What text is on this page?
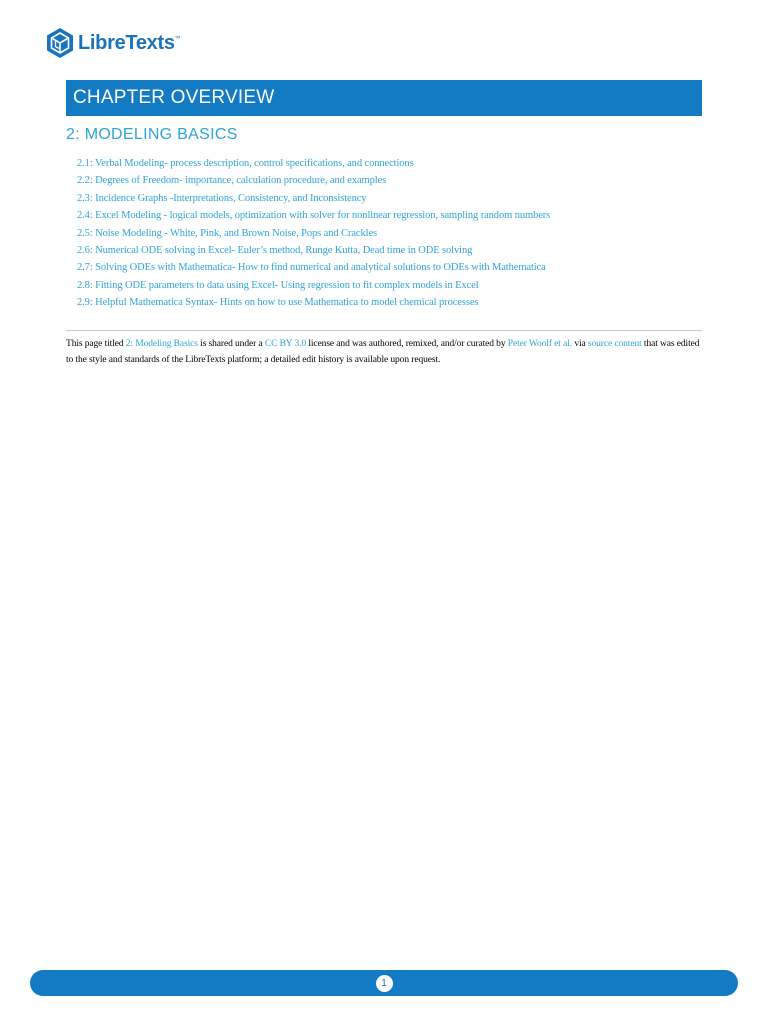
LibreTexts™
CHAPTER OVERVIEW
2: MODELING BASICS
2.1: Verbal Modeling- process description, control specifications, and connections
2.2: Degrees of Freedom- importance, calculation procedure, and examples
2.3: Incidence Graphs -Interpretations, Consistency, and Inconsistency
2.4: Excel Modeling - logical models, optimization with solver for nonlinear regression, sampling random numbers
2.5: Noise Modeling - White, Pink, and Brown Noise, Pops and Crackles
2.6: Numerical ODE solving in Excel- Euler’s method, Runge Kutta, Dead time in ODE solving
2.7: Solving ODEs with Mathematica- How to find numerical and analytical solutions to ODEs with Mathematica
2.8: Fitting ODE parameters to data using Excel- Using regression to fit complex models in Excel
2.9: Helpful Mathematica Syntax- Hints on how to use Mathematica to model chemical processes
This page titled 2: Modeling Basics is shared under a CC BY 3.0 license and was authored, remixed, and/or curated by Peter Woolf et al. via source content that was edited to the style and standards of the LibreTexts platform; a detailed edit history is available upon request.
1
